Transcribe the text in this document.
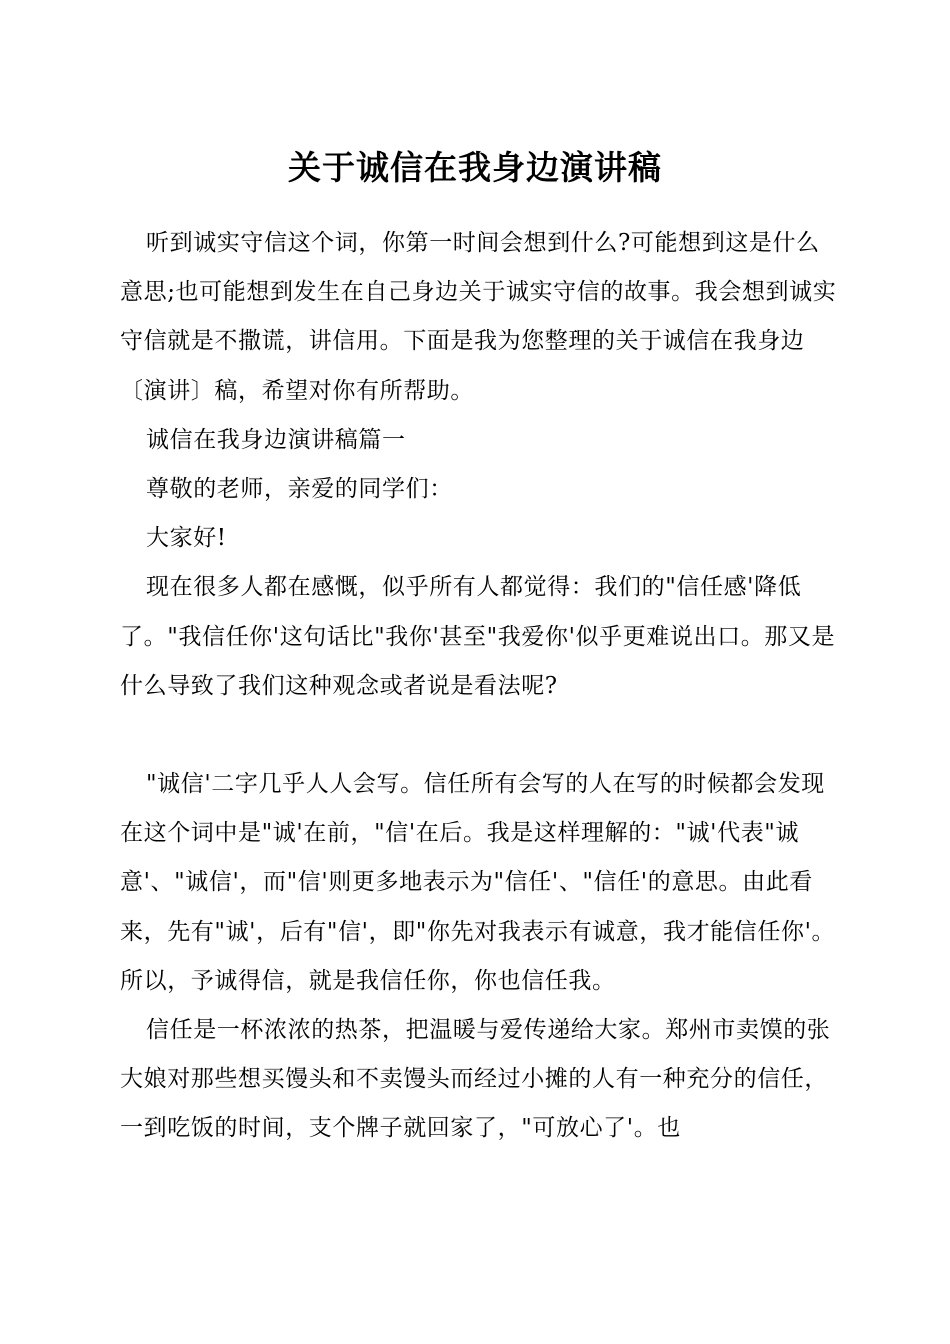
关于诚信在我身边演讲稿

听到诚实守信这个词，你第一时间会想到什么?可能想到这是什么意思;也可能想到发生在自己身边关于诚实守信的故事。我会想到诚实守信就是不撒谎，讲信用。下面是我为您整理的关于诚信在我身边〔演讲〕稿，希望对你有所帮助。

诚信在我身边演讲稿篇一

尊敬的老师，亲爱的同学们：

大家好!

现在很多人都在感慨，似乎所有人都觉得：我们的"信任感'降低了。"我信任你'这句话比"我你'甚至"我爱你'似乎更难说出口。那又是什么导致了我们这种观念或者说是看法呢?

"诚信'二字几乎人人会写。信任所有会写的人在写的时候都会发现在这个词中是"诚'在前，"信'在后。我是这样理解的："诚'代表"诚意'、"诚信'，而"信'则更多地表示为"信任'、"信任'的意思。由此看来，先有"诚'，后有"信'，即"你先对我表示有诚意，我才能信任你'。所以，予诚得信，就是我信任你，你也信任我。

信任是一杯浓浓的热茶，把温暖与爱传递给大家。郑州市卖馍的张大娘对那些想买馒头和不卖馒头而经过小摊的人有一种充分的信任，一到吃饭的时间，支个牌子就回家了，"可放心了'。也
